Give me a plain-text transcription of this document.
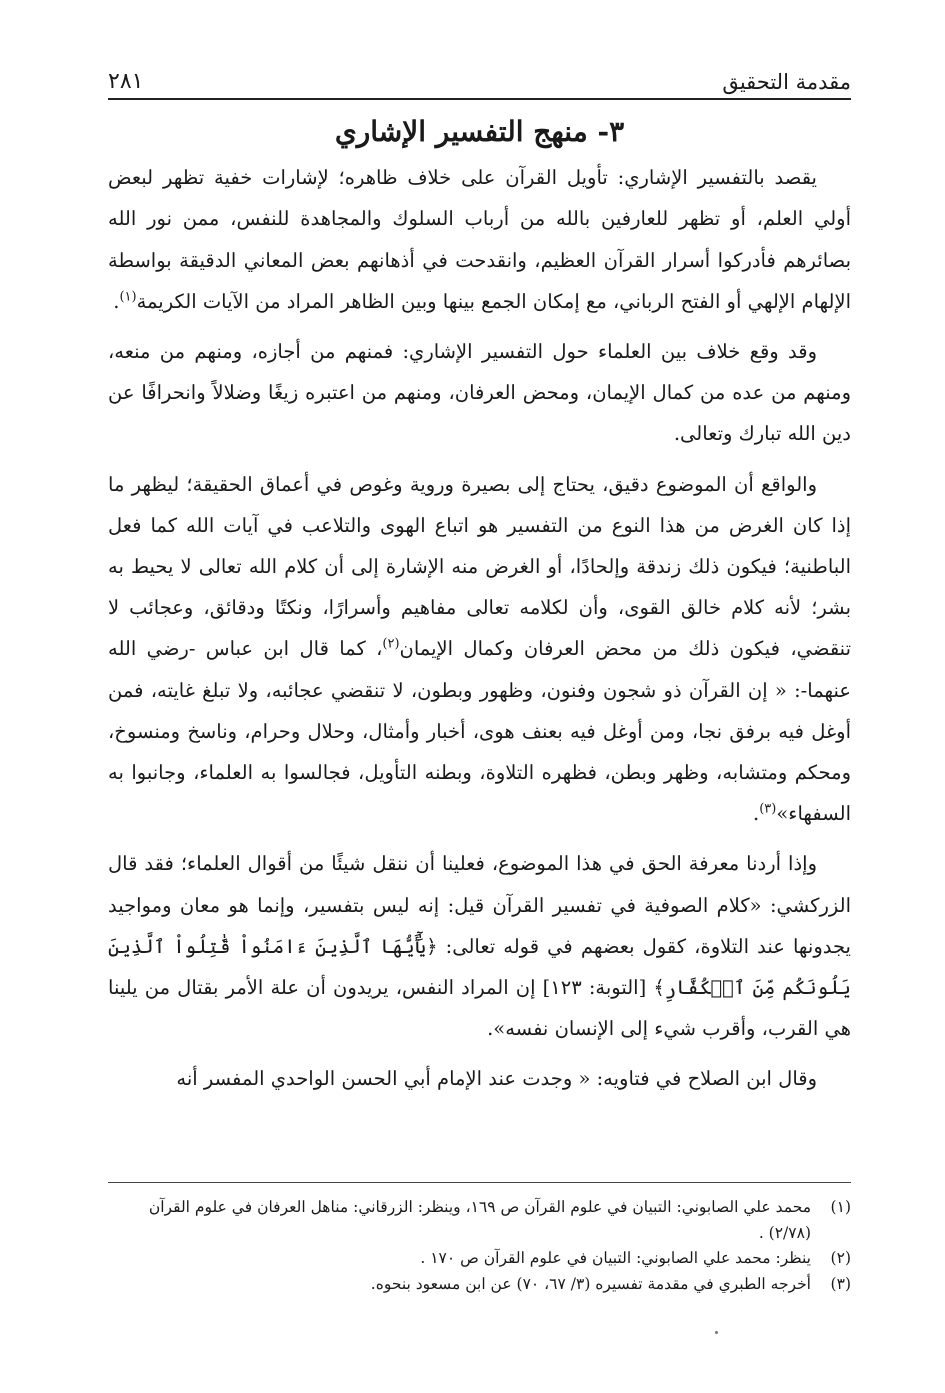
مقدمة التحقيق
٢٨١
٣- منهج التفسير الإشاري

يقصد بالتفسير الإشاري: تأويل القرآن على خلاف ظاهره؛ لإشارات خفية تظهر لبعض أولي العلم، أو تظهر للعارفين بالله من أرباب السلوك والمجاهدة للنفس، ممن نور الله بصائرهم فأدركوا أسرار القرآن العظيم، وانقدحت في أذهانهم بعض المعاني الدقيقة بواسطة الإلهام الإلهي أو الفتح الرباني، مع إمكان الجمع بينها وبين الظاهر المراد من الآيات الكريمة$^{(١)}$.

وقد وقع خلاف بين العلماء حول التفسير الإشاري: فمنهم من أجازه، ومنهم من منعه، ومنهم من عده من كمال الإيمان، ومحض العرفان، ومنهم من اعتبره زيغًا وضلالاً وانحرافًا عن دين الله تبارك وتعالى.

والواقع أن الموضوع دقيق، يحتاج إلى بصيرة وروية وغوص في أعماق الحقيقة؛ ليظهر ما إذا كان الغرض من هذا النوع من التفسير هو اتباع الهوى والتلاعب في آيات الله كما فعل الباطنية؛ فيكون ذلك زندقة وإلحادًا، أو الغرض منه الإشارة إلى أن كلام الله تعالى لا يحيط به بشر؛ لأنه كلام خالق القوى، وأن لكلامه تعالى مفاهيم وأسرارًا، ونكتًا ودقائق، وعجائب لا تنقضي، فيكون ذلك من محض العرفان وكمال الإيمان$^{(٢)}$، كما قال ابن عباس -رضي الله عنهما-: « إن القرآن ذو شجون وفنون، وظهور وبطون، لا تنقضي عجائبه، ولا تبلغ غايته، فمن أوغل فيه برفق نجا، ومن أوغل فيه بعنف هوى، أخبار وأمثال، وحلال وحرام، وناسخ ومنسوخ، ومحكم ومتشابه، وظهر وبطن، فظهره التلاوة، وبطنه التأويل، فجالسوا به العلماء، وجانبوا به السفهاء»$^{(٣)}$.

وإذا أردنا معرفة الحق في هذا الموضوع، فعلينا أن ننقل شيئًا من أقوال العلماء؛ فقد قال الزركشي: «كلام الصوفية في تفسير القرآن قيل: إنه ليس بتفسير، وإنما هو معان ومواجيد يجدونها عند التلاوة، كقول بعضهم في قوله تعالى: ﴿يَٰٓأَيُّهَا ٱلَّذِينَ ءَامَنُواْ قَٰتِلُواْ ٱلَّذِينَ يَلُونَكُم مِّنَ ٱلۡكُفَّارِ﴾ [التوبة: ١٢٣] إن المراد النفس، يريدون أن علة الأمر بقتال من يلينا هي القرب، وأقرب شيء إلى الإنسان نفسه».

وقال ابن الصلاح في فتاويه: « وجدت عند الإمام أبي الحسن الواحدي المفسر أنه

(١)
محمد علي الصابوني: التبيان في علوم القرآن ص ١٦٩، وينظر: الزرقاني: مناهل العرفان في علوم القرآن (٢/٧٨) .

(٢)
ينظر: محمد علي الصابوني: التبيان في علوم القرآن ص ١٧٠ .

(٣)
أخرجه الطبري في مقدمة تفسيره (٣/ ٦٧، ٧٠) عن ابن مسعود بنحوه.
